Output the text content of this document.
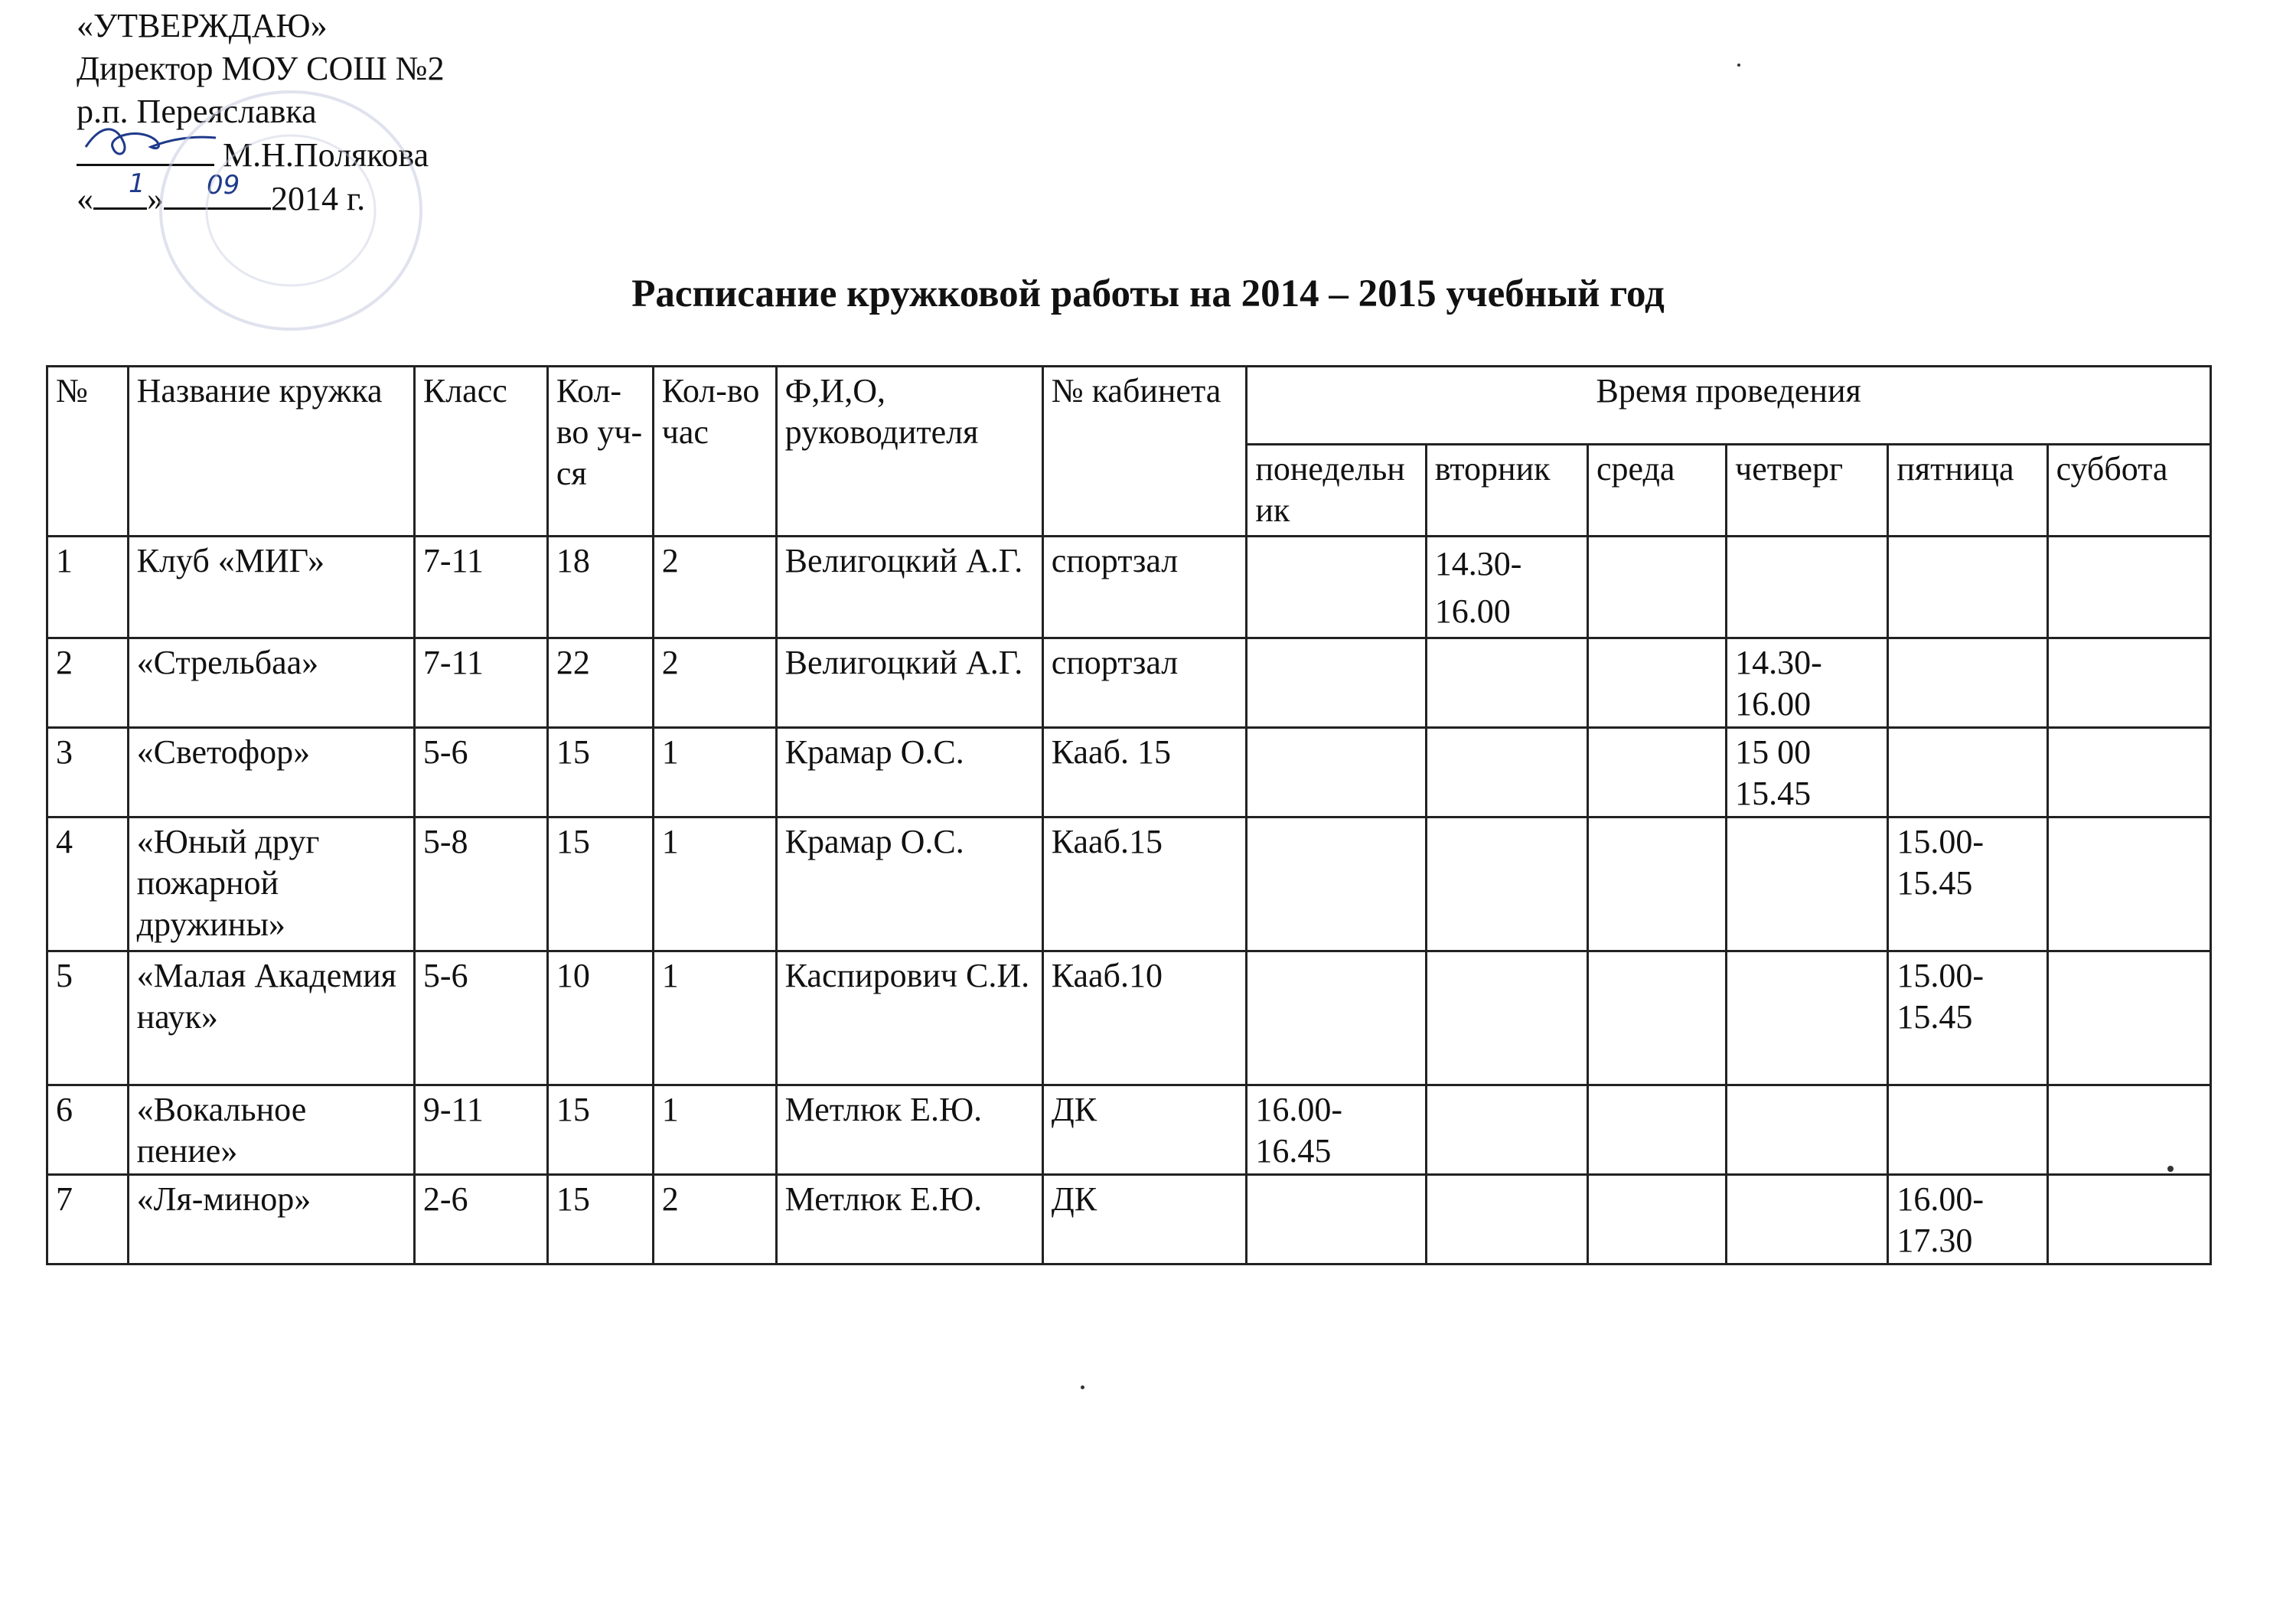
«УТВЕРЖДАЮ»
Директор МОУ СОШ №2
р.п. Переяславка
М.Н.Полякова
« »	2014 г.
1 09
Расписание кружковой работы на 2014 – 2015 учебный год
№	Название кружка	Класс	Кол-во уч-ся	Кол-во час	Ф,И,О, руководителя	№ кабинета	Время проведения					
							понедельник	вторник	среда	четверг	пятница	суббота
1	Клуб «МИГ»	7-11	18	2	Велигоцкий А.Г.	спортзал		14.30-16.00				
2	«Стрельбаа»	7-11	22	2	Велигоцкий А.Г.	спортзал				14.30-16.00		
3	«Светофор»	5-6	15	1	Крамар О.С.	Кааб. 15				15 00 15.45		
4	«Юный друг пожарной дружины»	5-8	15	1	Крамар О.С.	Кааб.15					15.00-15.45	
5	«Малая Академия наук»	5-6	10	1	Каспирович С.И.	Кааб.10					15.00-15.45	
6	«Вокальное пение»	9-11	15	1	Метлюк Е.Ю.	ДК	16.00-16.45					
7	«Ля-минор»	2-6	15	2	Метлюк Е.Ю.	ДК					16.00-17.30	
